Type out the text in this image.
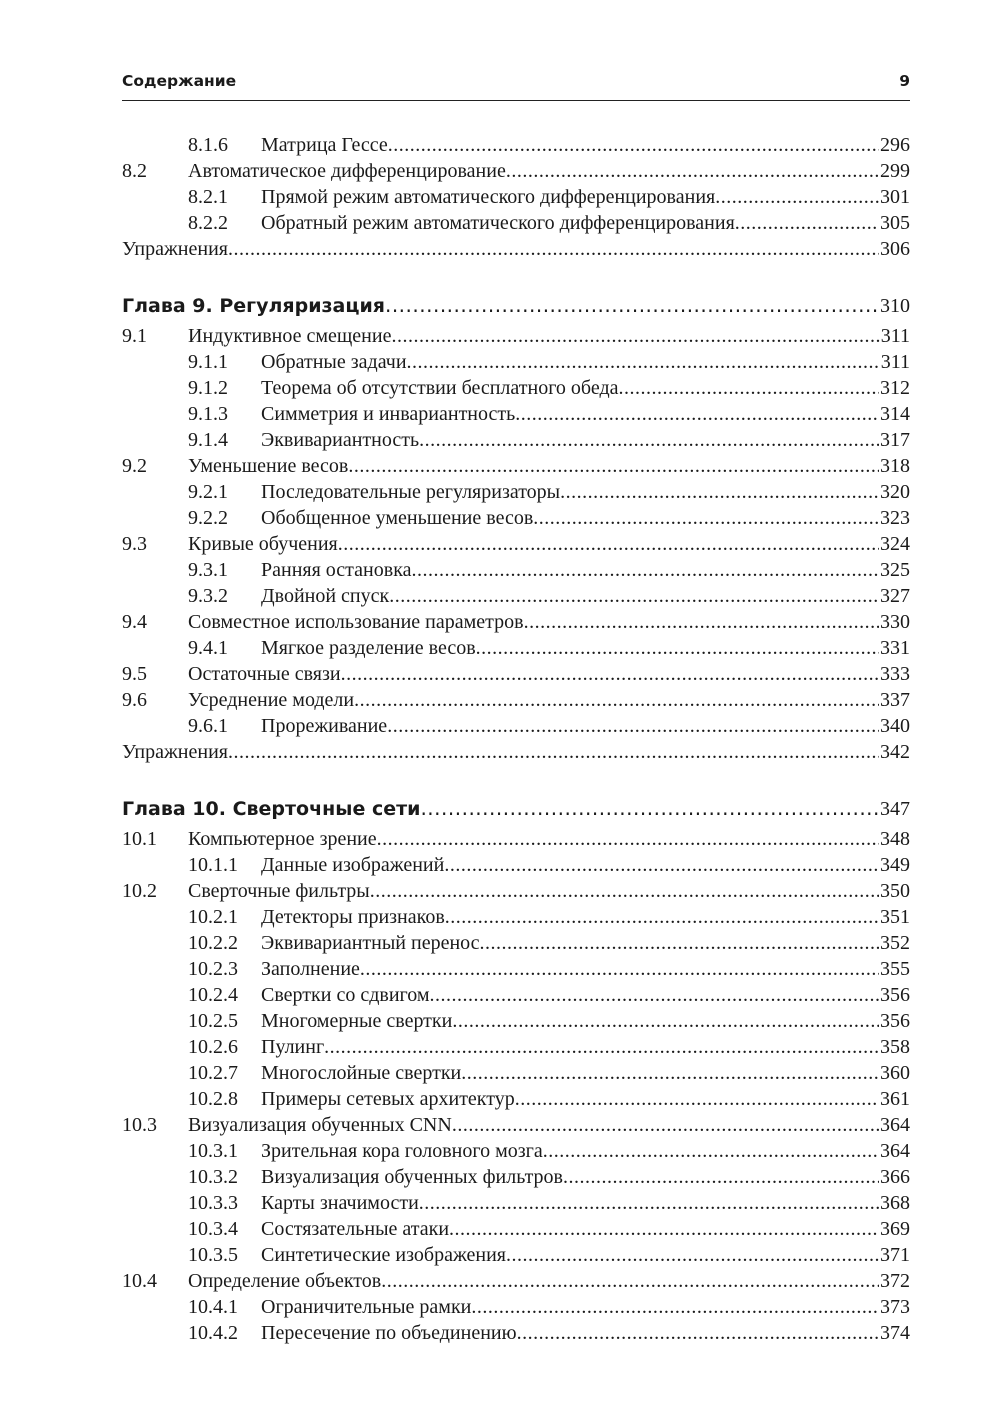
Содержание	9
8.1.6 Матрица Гессе .....	296
8.2 Автоматическое дифференцирование .....	299
8.2.1 Прямой режим автоматического дифференцирования .....	301
8.2.2 Обратный режим автоматического дифференцирования .....	305
Упражнения .....	306
Глава 9. Регуляризация .....	310
9.1 Индуктивное смещение .....	311
9.1.1 Обратные задачи .....	311
9.1.2 Теорема об отсутствии бесплатного обеда .....	312
9.1.3 Симметрия и инвариантность .....	314
9.1.4 Эквивариантность .....	317
9.2 Уменьшение весов .....	318
9.2.1 Последовательные регуляризаторы .....	320
9.2.2 Обобщенное уменьшение весов .....	323
9.3 Кривые обучения .....	324
9.3.1 Ранняя остановка .....	325
9.3.2 Двойной спуск .....	327
9.4 Совместное использование параметров .....	330
9.4.1 Мягкое разделение весов .....	331
9.5 Остаточные связи .....	333
9.6 Усреднение модели .....	337
9.6.1 Прореживание .....	340
Упражнения .....	342
Глава 10. Сверточные сети .....	347
10.1 Компьютерное зрение .....	348
10.1.1 Данные изображений .....	349
10.2 Сверточные фильтры .....	350
10.2.1 Детекторы признаков .....	351
10.2.2 Эквивариантный перенос .....	352
10.2.3 Заполнение .....	355
10.2.4 Свертки со сдвигом .....	356
10.2.5 Многомерные свертки .....	356
10.2.6 Пулинг .....	358
10.2.7 Многослойные свертки .....	360
10.2.8 Примеры сетевых архитектур .....	361
10.3 Визуализация обученных CNN .....	364
10.3.1 Зрительная кора головного мозга .....	364
10.3.2 Визуализация обученных фильтров .....	366
10.3.3 Карты значимости .....	368
10.3.4 Состязательные атаки .....	369
10.3.5 Синтетические изображения .....	371
10.4 Определение объектов .....	372
10.4.1 Ограничительные рамки .....	373
10.4.2 Пересечение по объединению .....	374
